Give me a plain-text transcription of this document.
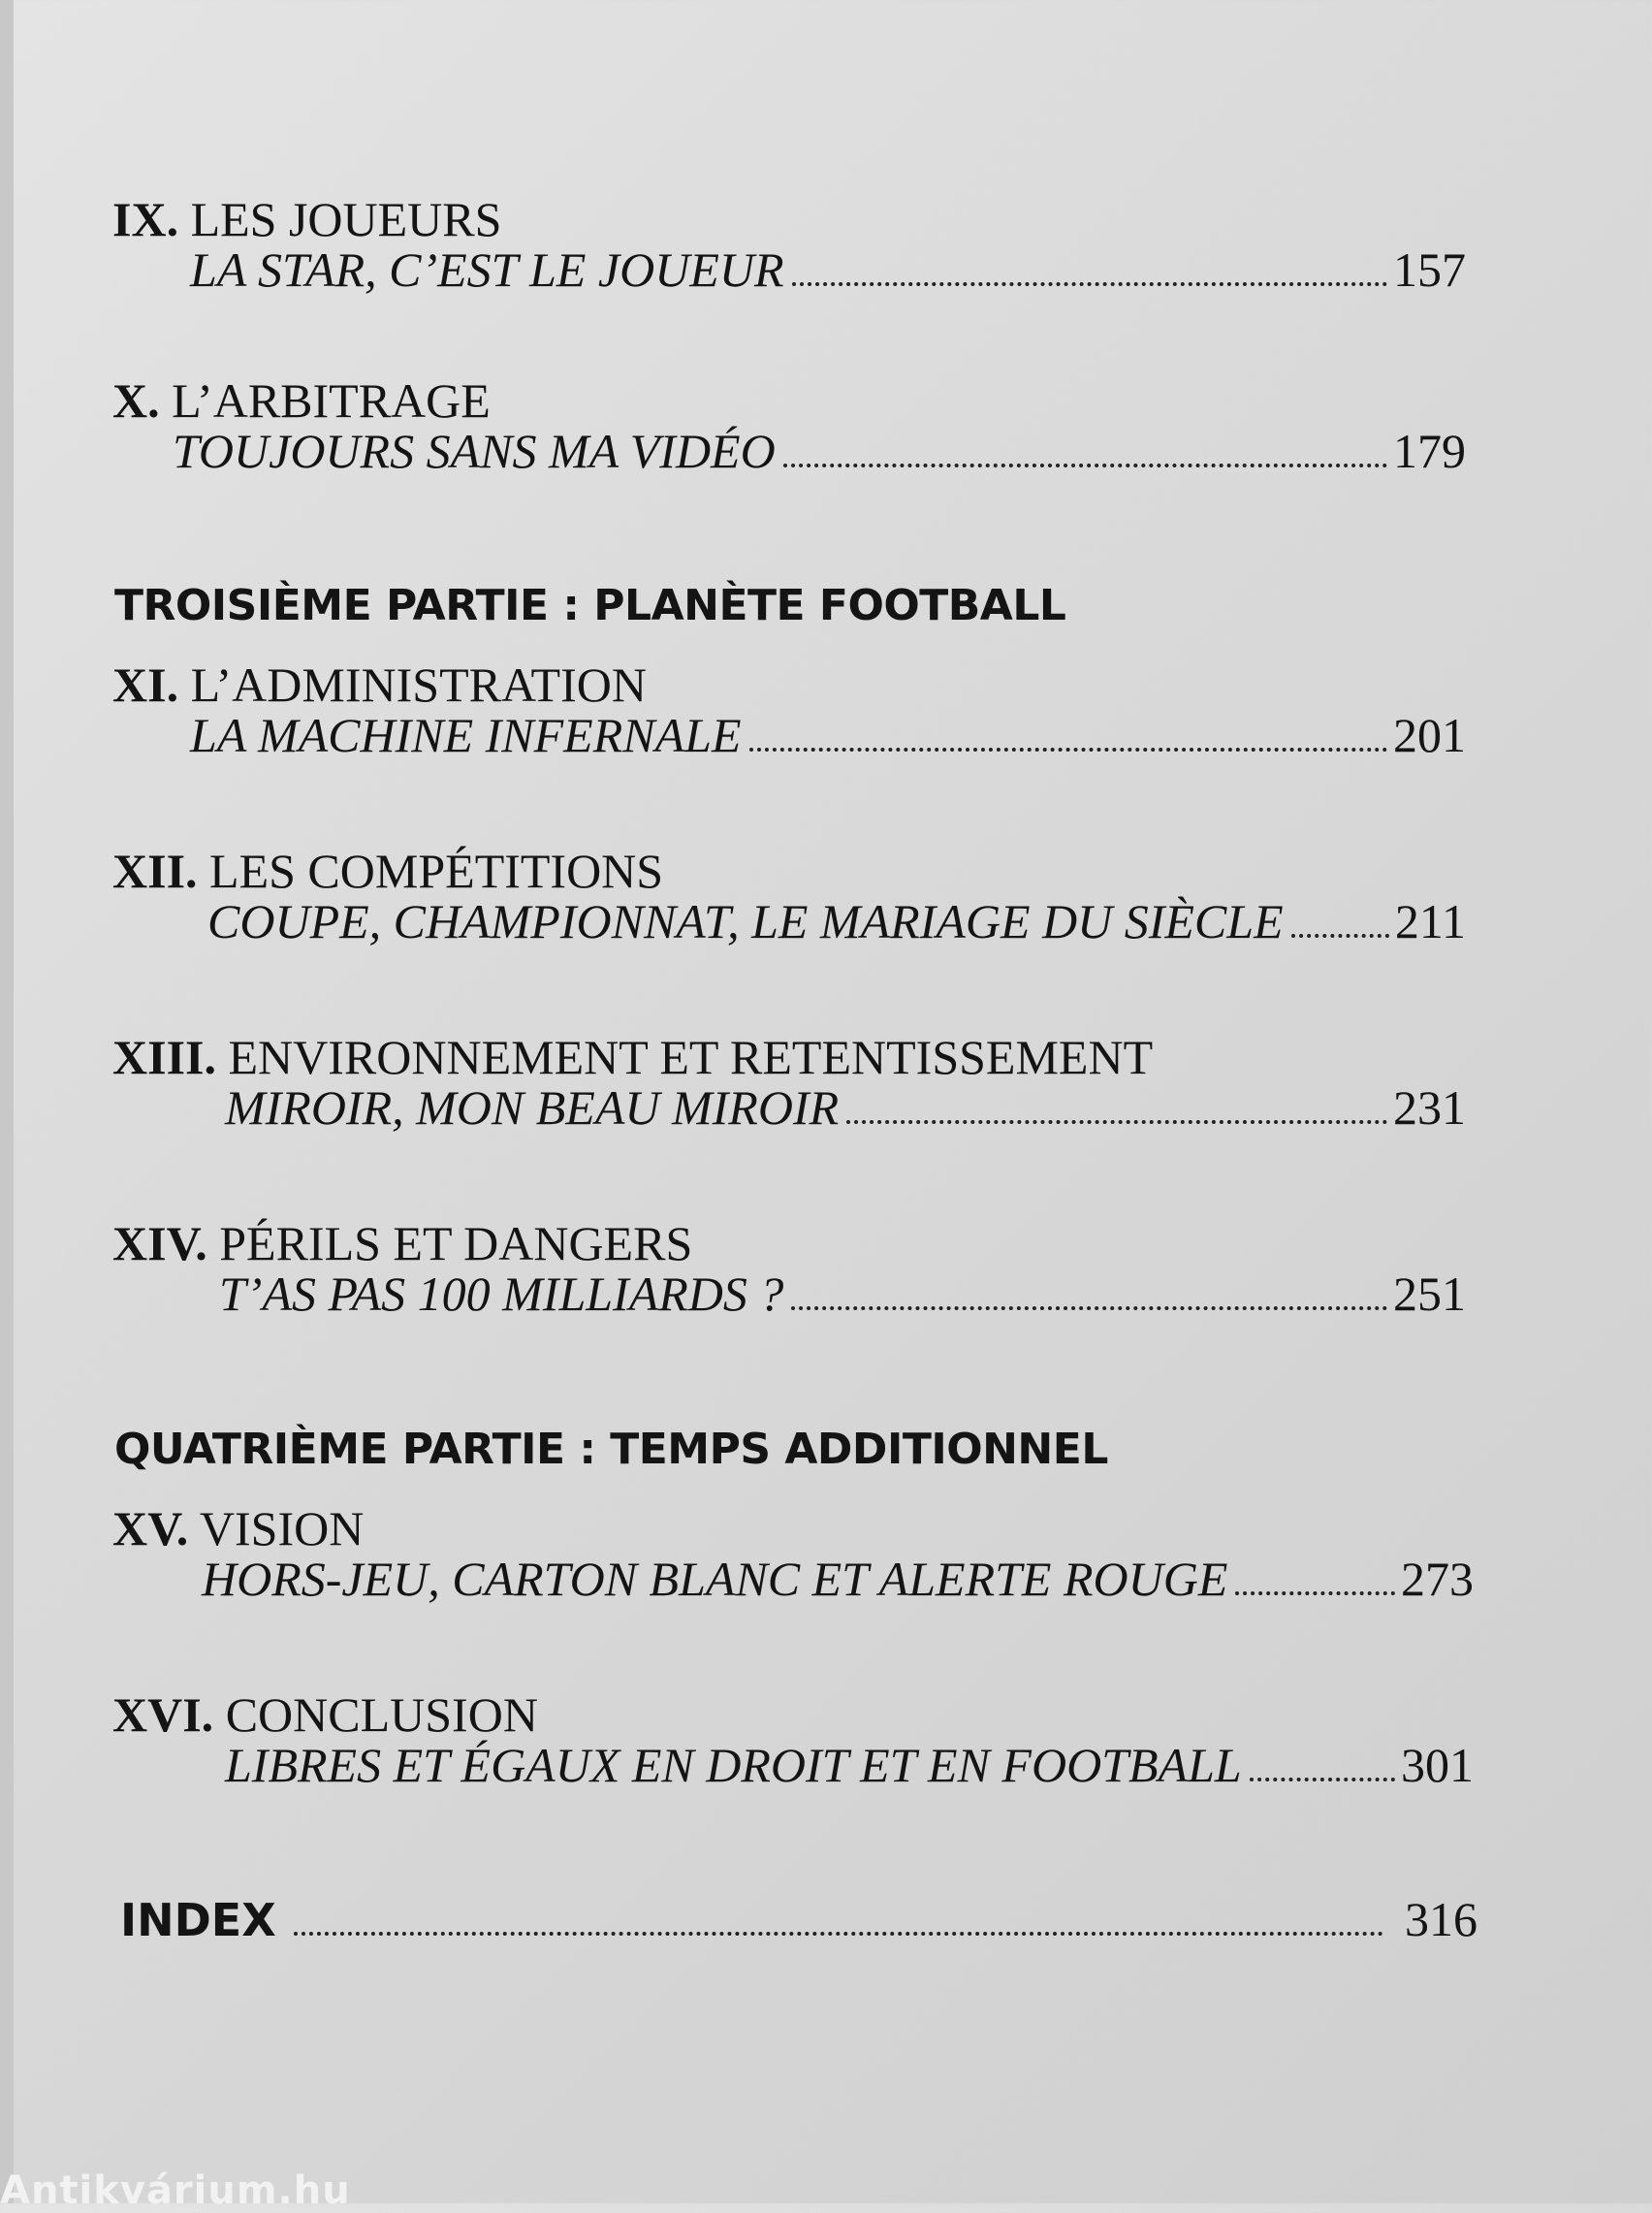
IX. LES JOUEURS
LA STAR, C’EST LE JOUEUR	157
X. L’ARBITRAGE
TOUJOURS SANS MA VIDÉO	179
TROISIÈME PARTIE : PLANÈTE FOOTBALL
XI. L’ADMINISTRATION
LA MACHINE INFERNALE	201
XII. LES COMPÉTITIONS
COUPE, CHAMPIONNAT, LE MARIAGE DU SIÈCLE 211
XIII. ENVIRONNEMENT ET RETENTISSEMENT
MIROIR, MON BEAU MIROIR	231
XIV. PÉRILS ET DANGERS
T’AS PAS 100 MILLIARDS ?	251
QUATRIÈME PARTIE : TEMPS ADDITIONNEL
XV. VISION
HORS-JEU, CARTON BLANC ET ALERTE ROUGE	273
XVI. CONCLUSION
LIBRES ET ÉGAUX EN DROIT ET EN FOOTBALL	301
INDEX	316
Antikvárium.hu
